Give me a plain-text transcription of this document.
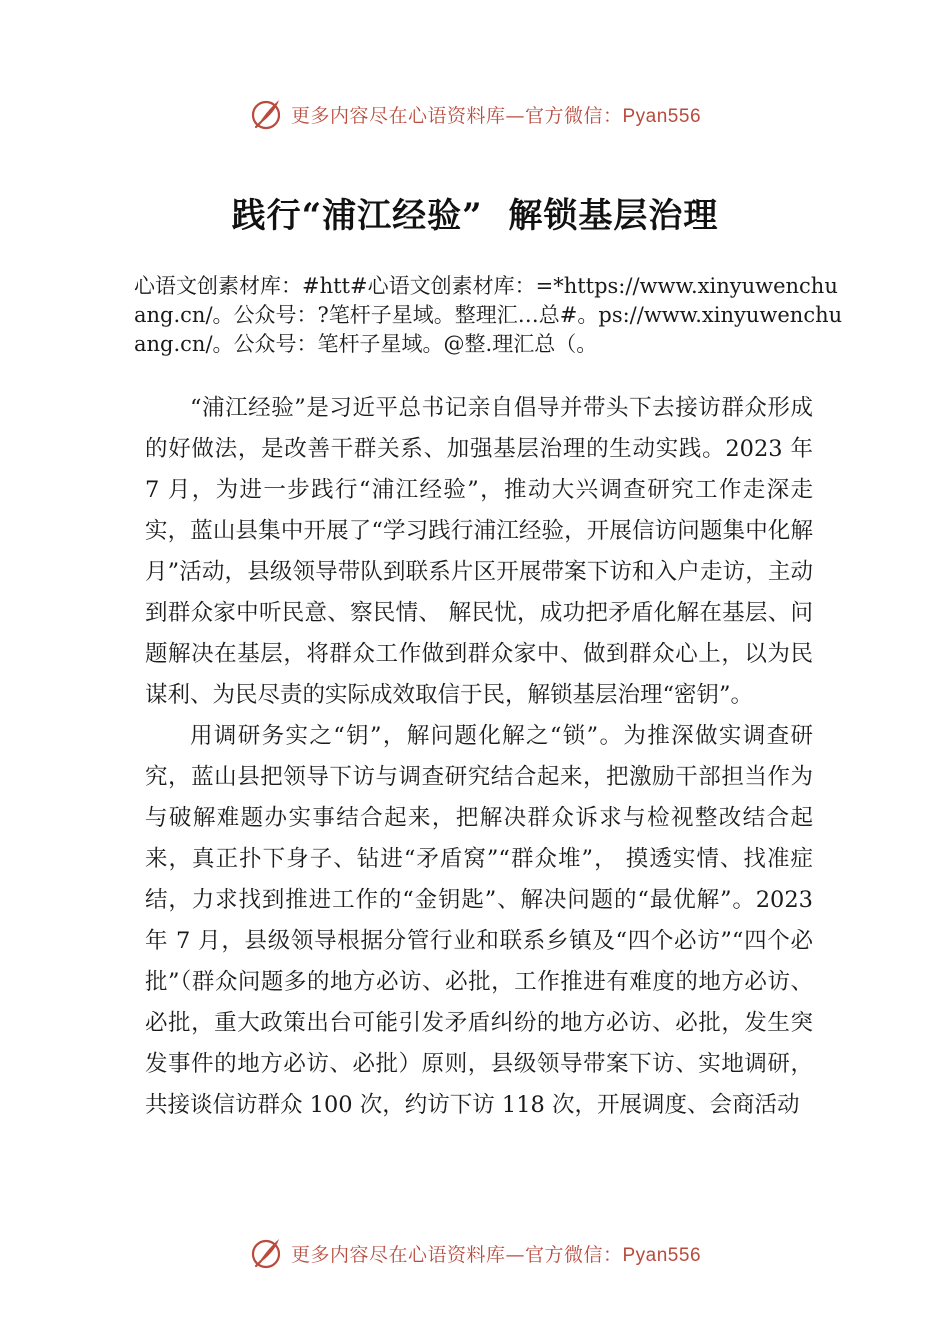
更多内容尽在心语资料库—官方微信：Pyan556
践行“浦江经验”  解锁基层治理
心语文创素材库：#htt#心语文创素材库：=*https://www.xinyuwenchuang.cn/。公众号：?笔杆子星域。整理汇…总#。ps://www.xinyuwenchuang.cn/。公众号：笔杆子星域。@整.理汇总（。

“浦江经验”是习近平总书记亲自倡导并带头下去接访群众形成的好做法，是改善干群关系、加强基层治理的生动实践。2023 年 7 月，为进一步践行“浦江经验”，推动大兴调查研究工作走深走实，蓝山县集中开展了“学习践行浦江经验，开展信访问题集中化解月”活动，县级领导带队到联系片区开展带案下访和入户走访，主动到群众家中听民意、察民情、 解民忧，成功把矛盾化解在基层、问题解决在基层，将群众工作做到群众家中、做到群众心上，以为民谋利、为民尽责的实际成效取信于民，解锁基层治理“密钥”。

用调研务实之“钥”，解问题化解之“锁”。为推深做实调查研究，蓝山县把领导下访与调查研究结合起来，把激励干部担当作为与破解难题办实事结合起来，把解决群众诉求与检视整改结合起来，真正扑下身子、钻进“矛盾窝”“群众堆”， 摸透实情、找准症结，力求找到推进工作的“金钥匙”、解决问题的“最优解”。2023 年 7 月，县级领导根据分管行业和联系乡镇及“四个必访”“四个必批”（群众问题多的地方必访、必批，工作推进有难度的地方必访、必批，重大政策出台可能引发矛盾纠纷的地方必访、必批，发生突发事件的地方必访、必批）原则，县级领导带案下访、实地调研，共接谈信访群众 100 次，约访下访 118 次，开展调度、会商活动

更多内容尽在心语资料库—官方微信：Pyan556
